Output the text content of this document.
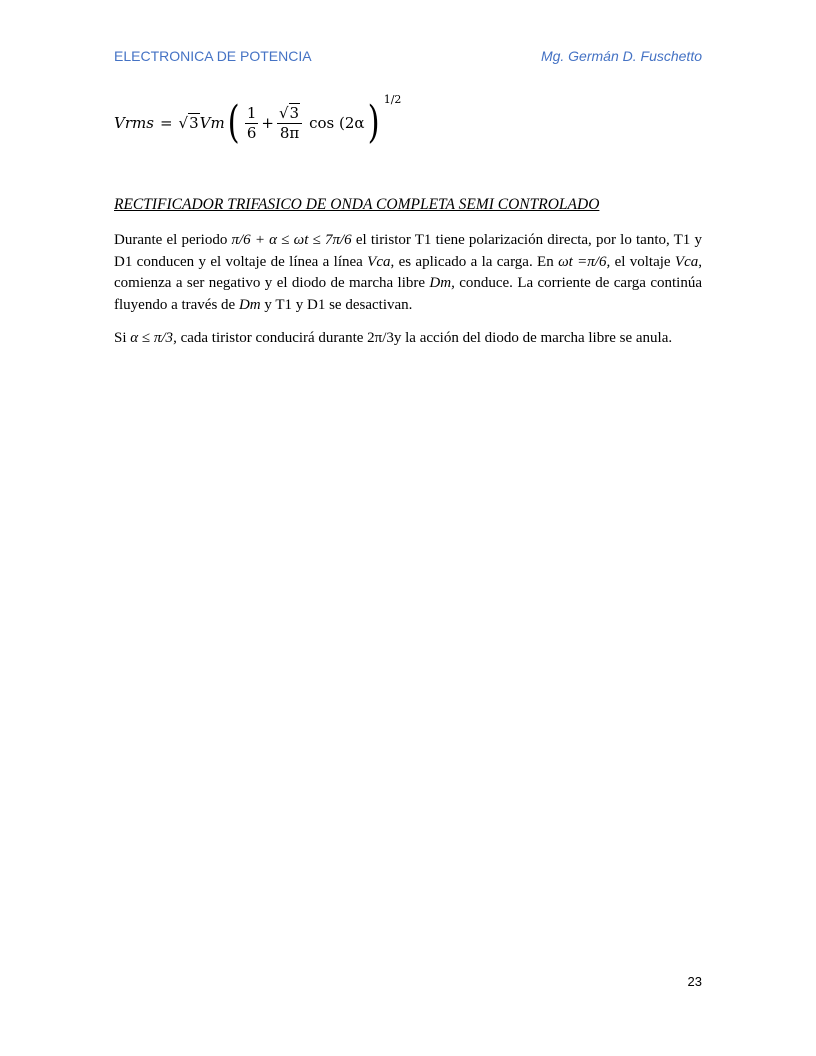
ELECTRONICA DE POTENCIA	Mg. Germán D. Fuschetto
Vrms = √3 Vm ( $\frac{1}{6} + \frac{√3}{8\pi}$ cos (2α ) 1/2
RECTIFICADOR TRIFASICO DE ONDA COMPLETA SEMI CONTROLADO

Durante el periodo π/6 + α ≤ ωt ≤ 7π/6 el tiristor T1 tiene polarización directa, por lo tanto, T1 y D1 conducen y el voltaje de línea a línea Vca, es aplicado a la carga. En ωt =π/6, el voltaje Vca, comienza a ser negativo y el diodo de marcha libre Dm, conduce. La corriente de carga continúa fluyendo a través de Dm y T1 y D1 se desactivan.

Si α ≤ π/3, cada tiristor conducirá durante 2π/3y la acción del diodo de marcha libre se anula.

23
